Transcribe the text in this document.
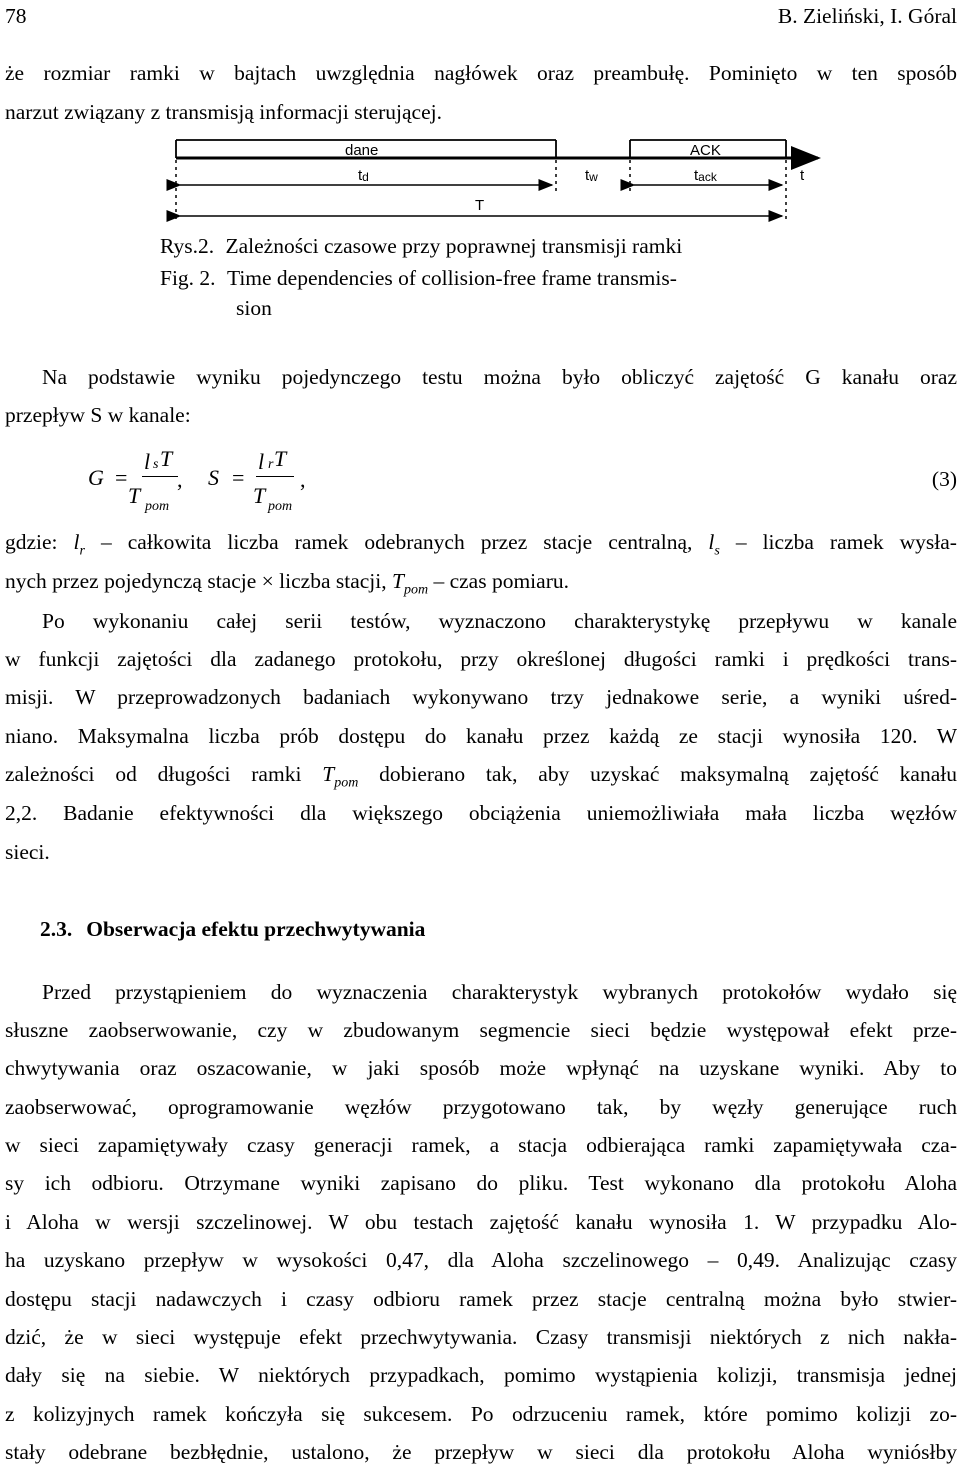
78	B. Zieliński, I. Góral
że rozmiar ramki w bajtach uwzględnia nagłówek oraz preambułę. Pominięto w ten sposób
narzut związany z transmisją informacji sterującej.
dane	ACK
t
td	tw	tack
T
Rys.2. Zależności czasowe przy poprawnej transmisji ramki
Fig. 2. Time dependencies of collision-free frame transmis-
sion
Na podstawie wyniku pojedynczego testu można było obliczyć zajętość G kanału oraz
przepływ S w kanale:
G =
l s T
T pom
, S =
l r T
T pom
,	(3)
gdzie: $l_r$ – całkowita liczba ramek odebranych przez stacje centralną, $l_s$ – liczba ramek wysła-
nych przez pojedynczą stacje × liczba stacji, $T_{pom}$ – czas pomiaru.
Po wykonaniu całej serii testów, wyznaczono charakterystykę przepływu w kanale
w funkcji zajętości dla zadanego protokołu, przy określonej długości ramki i prędkości trans-
misji. W przeprowadzonych badaniach wykonywano trzy jednakowe serie, a wyniki uśred-
niano. Maksymalna liczba prób dostępu do kanału przez każdą ze stacji wynosiła 120. W
zależności od długości ramki $T_{pom}$ dobierano tak, aby uzyskać maksymalną zajętość kanału
2,2. Badanie efektywności dla większego obciążenia uniemożliwiała mała liczba węzłów
sieci.
2.3. Obserwacja efektu przechwytywania
Przed przystąpieniem do wyznaczenia charakterystyk wybranych protokołów wydało się
słuszne zaobserwowanie, czy w zbudowanym segmencie sieci będzie występował efekt prze-
chwytywania oraz oszacowanie, w jaki sposób może wpłynąć na uzyskane wyniki. Aby to
zaobserwować, oprogramowanie węzłów przygotowano tak, by węzły generujące ruch
w sieci zapamiętywały czasy generacji ramek, a stacja odbierająca ramki zapamiętywała cza-
sy ich odbioru. Otrzymane wyniki zapisano do pliku. Test wykonano dla protokołu Aloha
i Aloha w wersji szczelinowej. W obu testach zajętość kanału wynosiła 1. W przypadku Alo-
ha uzyskano przepływ w wysokości 0,47, dla Aloha szczelinowego – 0,49. Analizując czasy
dostępu stacji nadawczych i czasy odbioru ramek przez stacje centralną można było stwier-
dzić, że w sieci występuje efekt przechwytywania. Czasy transmisji niektórych z nich nakła-
dały się na siebie. W niektórych przypadkach, pomimo wystąpienia kolizji, transmisja jednej
z kolizyjnych ramek kończyła się sukcesem. Po odrzuceniu ramek, które pomimo kolizji zo-
stały odebrane bezbłędnie, ustalono, że przepływ w sieci dla protokołu Aloha wyniósłby
